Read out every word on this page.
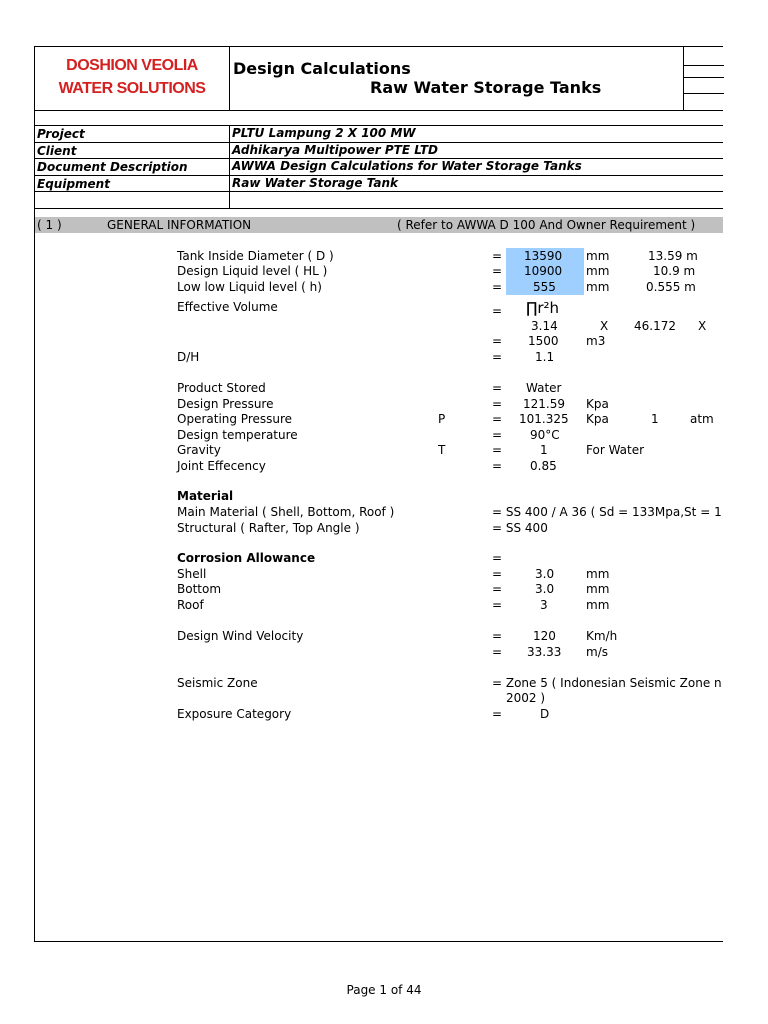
DOSHION VEOLIA
WATER SOLUTIONS
Design Calculations
Raw Water Storage Tanks
Project	PLTU Lampung 2 X 100 MW
Client	Adhikarya Multipower PTE LTD
Document Description	AWWA Design Calculations for Water Storage Tanks
Equipment	Raw Water Storage Tank
( 1 )	GENERAL INFORMATION	( Refer to AWWA D 100 And Owner Requirement )
Tank Inside Diameter ( D )	= 13590 mm	13.59 m
Design Liquid level ( HL )	= 10900 mm	10.9 m
Low low Liquid level ( h)	=	555	mm	0.555 m
Effective Volume	= ∏r²h
3.14	X 46.172 X
= 1500 m3
D/H	=	1.1
Product Stored	= Water
Design Pressure	= 121.59 Kpa
Operating Pressure	P	= 101.325 Kpa	1	atm
Design temperature	= 90°C
Gravity	T	=	1	For Water
Joint Effecency	= 0.85
Material
Main Material ( Shell, Bottom, Roof )	= SS 400 / A 36 ( Sd = 133Mpa,St = 1
Structural ( Rafter, Top Angle )	= SS 400
Corrosion Allowance	=
Shell	=	3.0	mm
Bottom	=	3.0	mm
Roof	=	3	mm
Design Wind Velocity	=	120	Km/h
= 33.33 m/s
Seismic Zone	= Zone 5 ( Indonesian Seismic Zone n
2002 )
Exposure Category	=	D
Page 1 of 44
